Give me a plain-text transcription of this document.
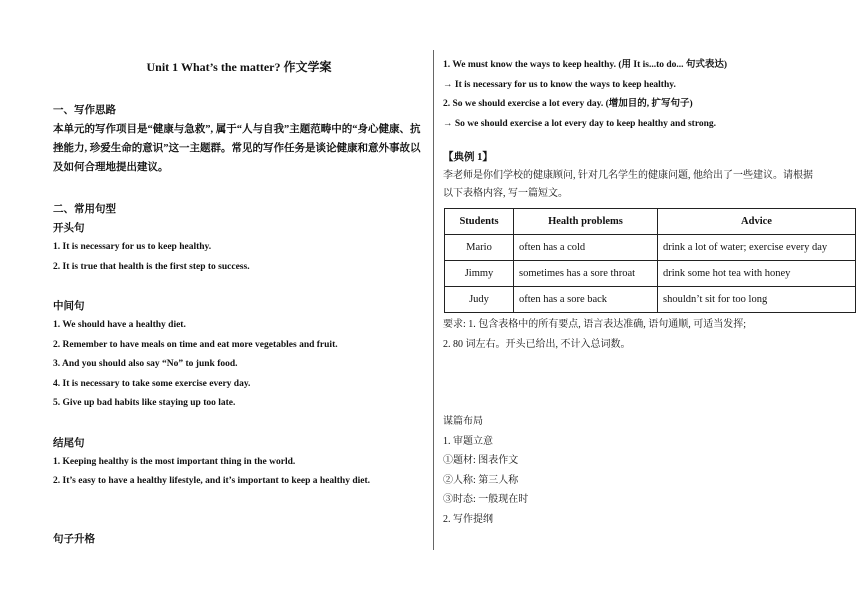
Unit 1 What’s the matter? 作文学案
一、写作思路
本单元的写作项目是“健康与急救”, 属于“人与自我”主题范畴中的“身心健康、抗挫能力, 珍爱生命的意识”这一主题群。常见的写作任务是谈论健康和意外事故以及如何合理地提出建议。
二、常用句型
开头句
1. It is necessary for us to keep healthy.
2. It is true that health is the first step to success.
中间句
1. We should have a healthy diet.
2. Remember to have meals on time and eat more vegetables and fruit.
3. And you should also say “No” to junk food.
4. It is necessary to take some exercise every day.
5. Give up bad habits like staying up too late.
结尾句
1. Keeping healthy is the most important thing in the world.
2. It’s easy to have a healthy lifestyle, and it’s important to keep a healthy diet.
句子升格
1. We must know the ways to keep healthy. (用 It is...to do... 句式表达)
→ It is necessary for us to know the ways to keep healthy.
2. So we should exercise a lot every day. (增加目的, 扩写句子)
→ So we should exercise a lot every day to keep healthy and strong.
【典例 1】
李老师是你们学校的健康顾问, 针对几名学生的健康问题, 他给出了一些建议。请根据
以下表格内容, 写一篇短文。
Students	Health problems	Advice
Mario	often has a cold	drink a lot of water; exercise every day
Jimmy	sometimes has a sore throat	drink some hot tea with honey
Judy	often has a sore back	shouldn’t sit for too long
要求: 1. 包含表格中的所有要点, 语言表达准确, 语句通顺, 可适当发挥;
2. 80 词左右。开头已给出, 不计入总词数。
谋篇布局
1. 审题立意
①题材: 图表作文
②人称: 第三人称
③时态: 一般现在时
2. 写作提纲
